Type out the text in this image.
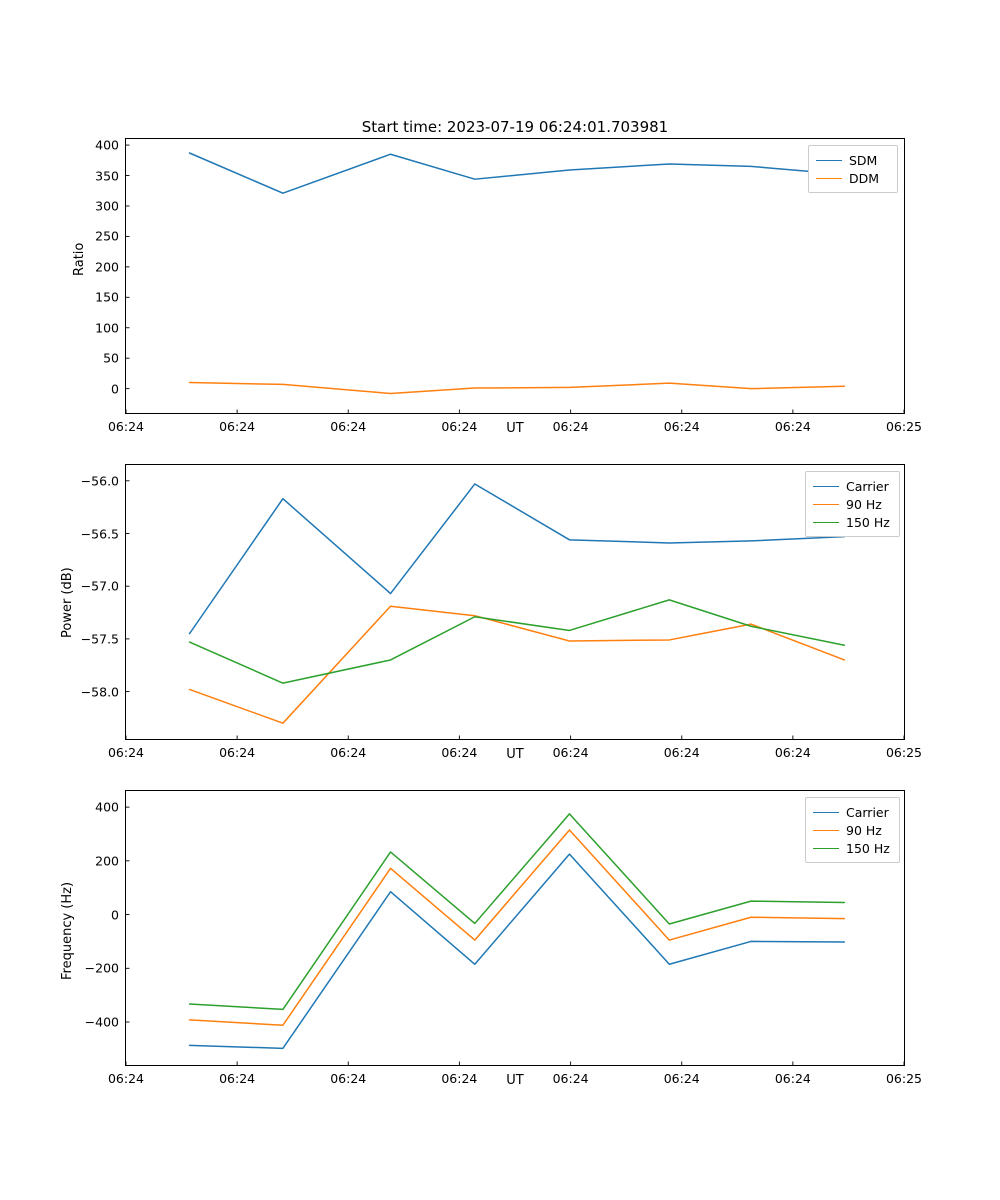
Start time: 2023-07-19 06:24:01.703981
06:24	06:24	06:24	06:24	06:24	06:24	06:24	06:25
0
50
100
150
200
250
300
350
400
UT
Ratio
SDM
DDM
06:24	06:24	06:24	06:24	06:24	06:24	06:24	06:25
−58.0
−57.5
−57.0
−56.5
−56.0
UT
Power (dB)
Carrier
90 Hz
150 Hz
06:24	06:24	06:24	06:24	06:24	06:24	06:24	06:25
−400
−200
0
200
400
UT
Frequency (Hz)
Carrier
90 Hz
150 Hz
